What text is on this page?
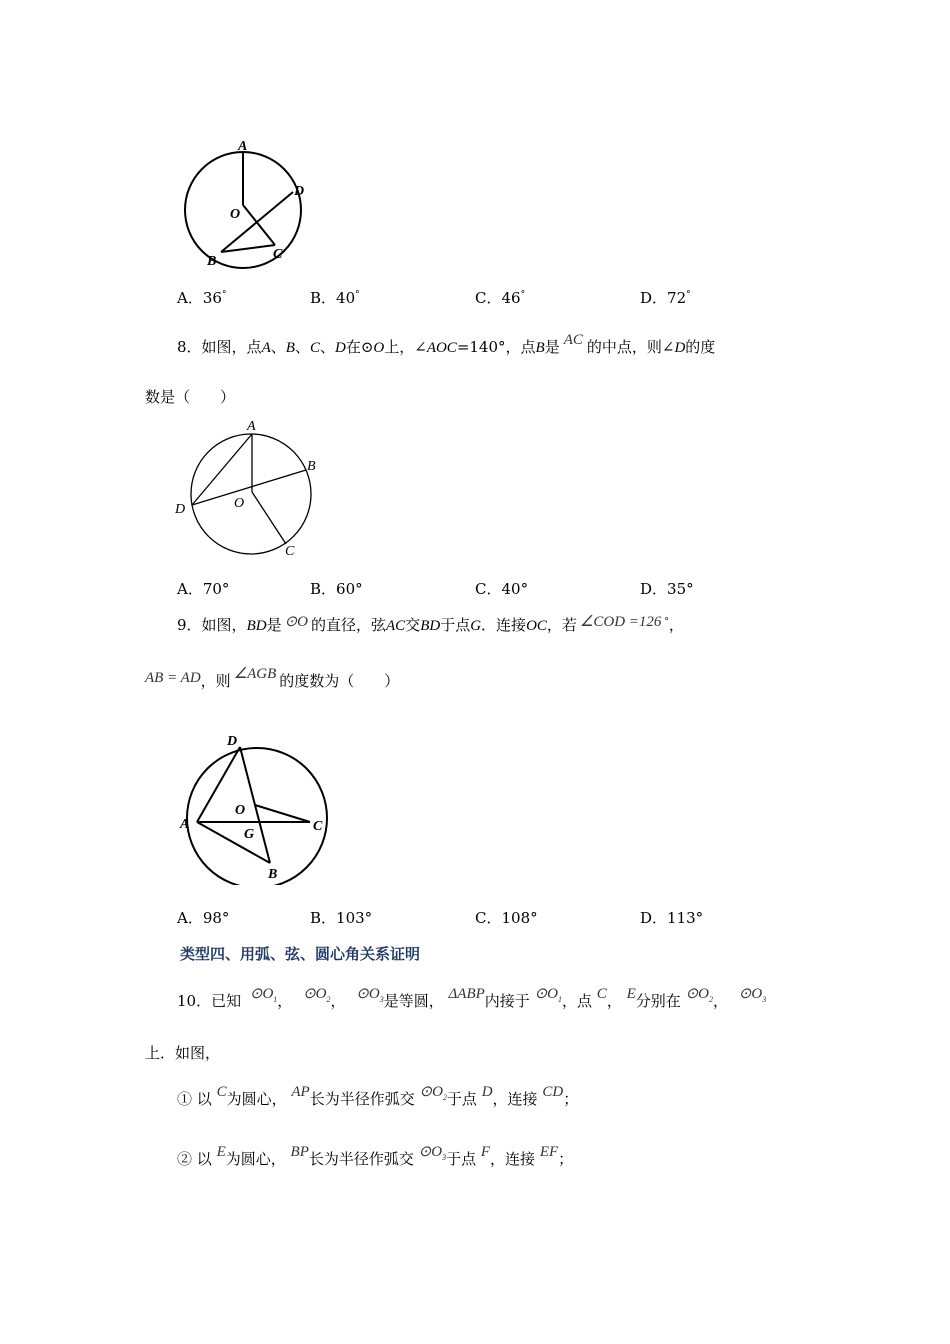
A
O
D
B	C
A．36°	B．40°	C．46°	D．72°
8．如图，点A、B、C、D在⊙O上，∠AOC=140°，点B是 AC 的中点，则∠D的度
数是（　　）
A
B
D	O
C
A．70°	B．60°	C．40°	D．35°
9．如图，BD是 ⊙O 的直径，弦AC交BD于点G．连接OC，若 ∠COD =126 °，
AB = AD，则 ∠AGB 的度数为（　　）
D
O
A
G
C
B
A．98°	B．103°	C．108°	D．113°
类型四、用弧、弦、圆心角关系证明
10．已知 $⊙O_1$， $⊙O_2$， $⊙O_3$是等圆， ΔABP内接于 $⊙O_1$，点 C， E分别在 $⊙O_2$， $⊙O_3$
上．如图，
① 以 C为圆心， AP长为半径作弧交 $⊙O_2$于点 D，连接 CD；
② 以 E为圆心， BP长为半径作弧交 $⊙O_3$于点 F，连接 EF；
